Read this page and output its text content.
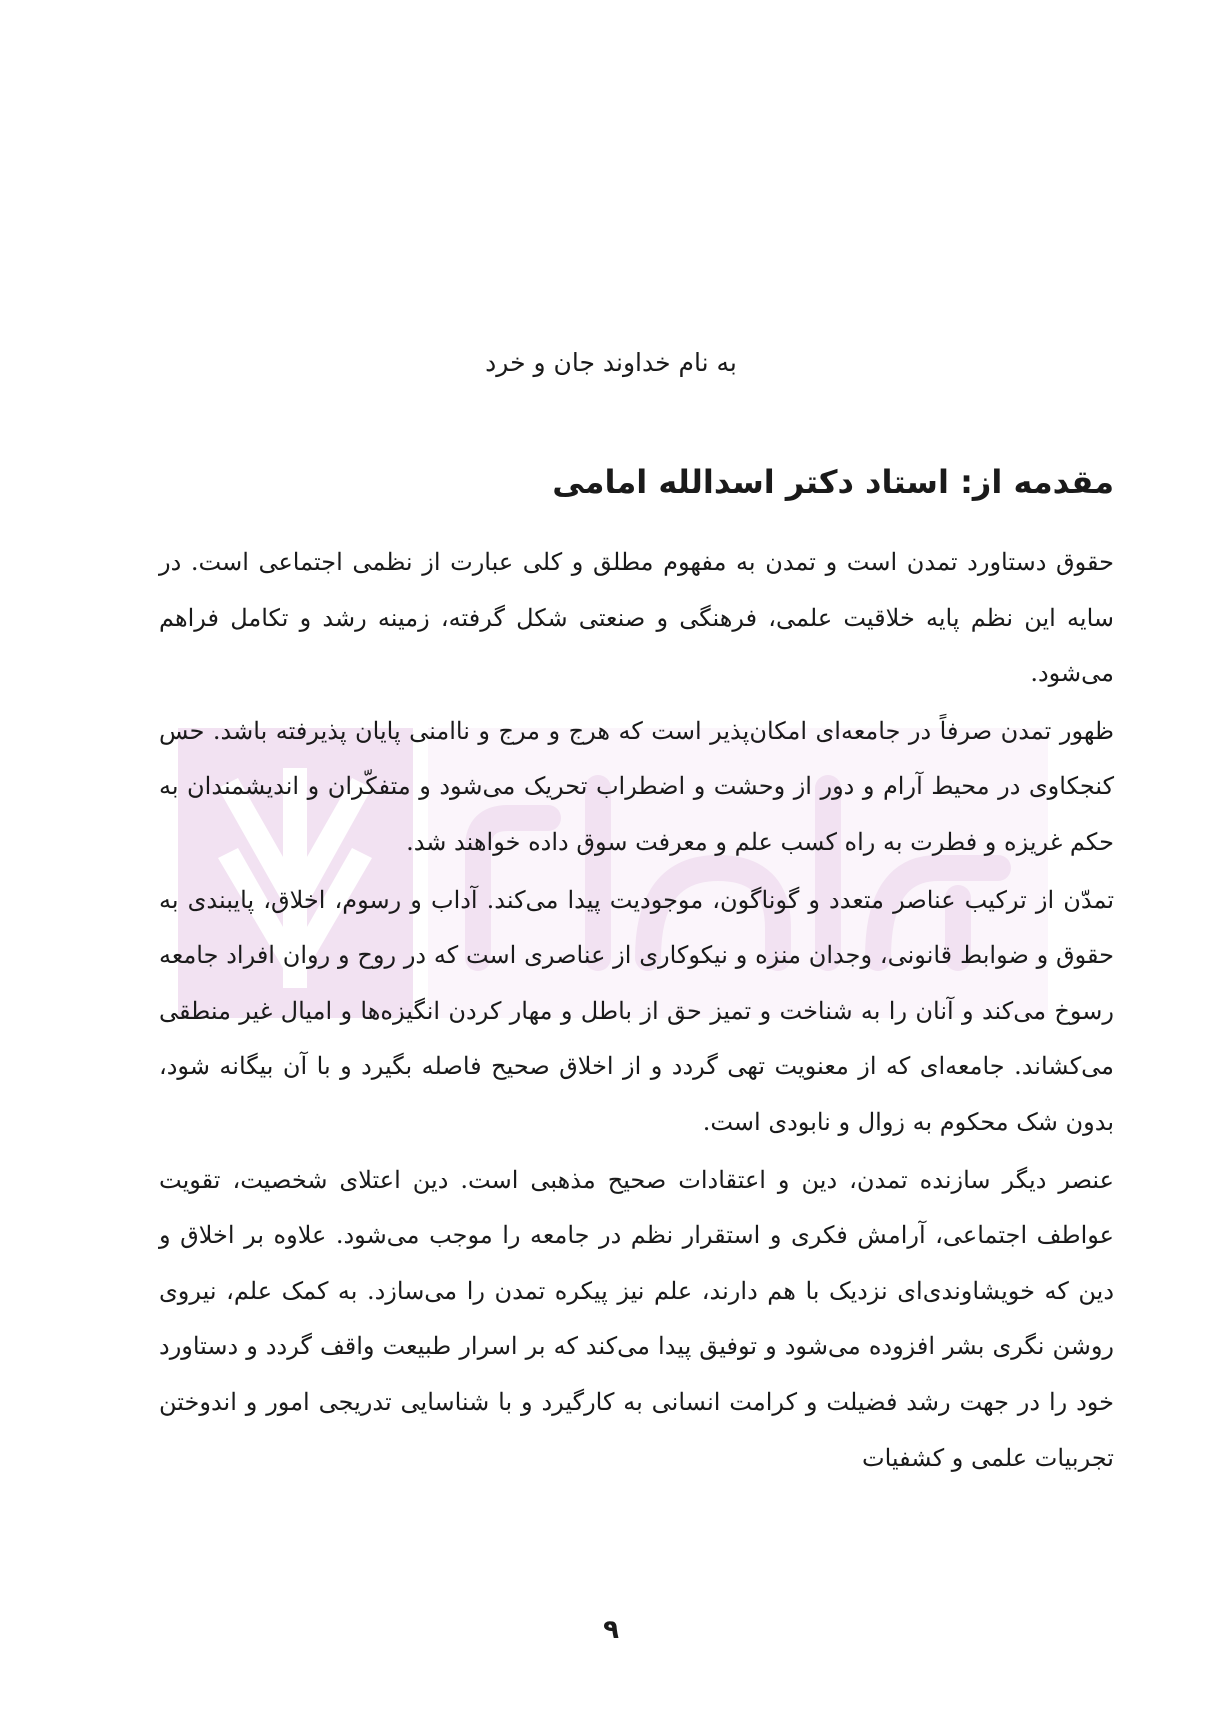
به نام خداوند جان و خرد
مقدمه از: استاد دکتر اسدالله امامی

حقوق دستاورد تمدن است و تمدن به مفهوم مطلق و کلی عبارت از نظمی اجتماعی است. در سایه این نظم پایه خلاقیت علمی، فرهنگی و صنعتی شکل گرفته، زمینه رشد و تکامل فراهم می‌شود.

ظهور تمدن صرفاً در جامعه‌ای امکان‌پذیر است که هرج و مرج و ناامنی پایان پذیرفته باشد. حس کنجکاوی در محیط آرام و دور از وحشت و اضطراب تحریک می‌شود و متفکّران و اندیشمندان به حکم غریزه و فطرت به راه کسب علم و معرفت سوق داده خواهند شد.

تمدّن از ترکیب عناصر متعدد و گوناگون، موجودیت پیدا می‌کند. آداب و رسوم، اخلاق، پایبندی به حقوق و ضوابط قانونی، وجدان منزه و نیکوکاری از عناصری است که در روح و روان افراد جامعه رسوخ می‌کند و آنان را به شناخت و تمیز حق از باطل و مهار کردن انگیزه‌ها و امیال غیر منطقی می‌کشاند. جامعه‌ای که از معنویت تهی گردد و از اخلاق صحیح فاصله بگیرد و با آن بیگانه شود، بدون شک محکوم به زوال و نابودی است.

عنصر دیگر سازنده تمدن، دین و اعتقادات صحیح مذهبی است. دین اعتلای شخصیت، تقویت عواطف اجتماعی، آرامش فکری و استقرار نظم در جامعه را موجب می‌شود. علاوه بر اخلاق و دین که خویشاوندی‌ای نزدیک با هم دارند، علم نیز پیکره تمدن را می‌سازد. به کمک علم، نیروی روشن نگری بشر افزوده می‌شود و توفیق پیدا می‌کند که بر اسرار طبیعت واقف گردد و دستاورد خود را در جهت رشد فضیلت و کرامت انسانی به کارگیرد و با شناسایی تدریجی امور و اندوختن تجربیات علمی و کشفیات

۹
